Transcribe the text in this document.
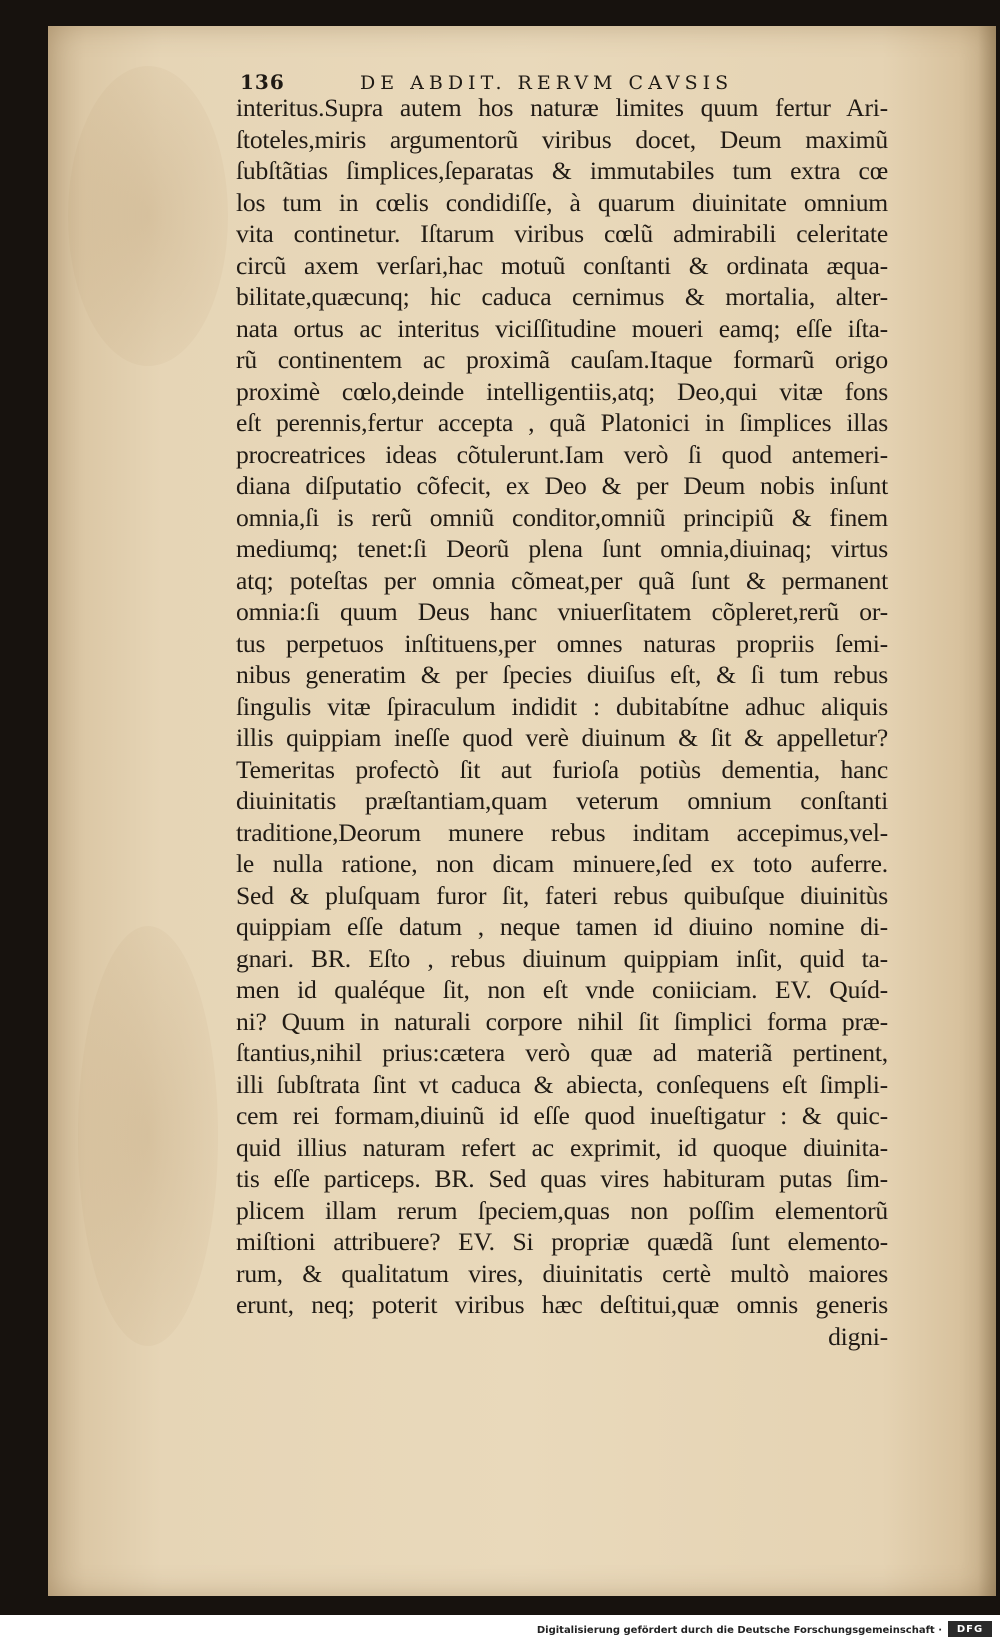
136	DE ABDIT. RERVM CAVSIS
interitus.Supra autem hos naturæ limites quum fertur Ari-
ſtoteles,miris argumentorũ viribus docet, Deum maximũ
ſubſtãtias ſimplices,ſeparatas & immutabiles tum extra cœ
los tum in cœlis condidiſſe, à quarum diuinitate omnium
vita continetur. Iſtarum viribus cœlũ admirabili celeritate
circũ axem verſari,hac motuũ conſtanti & ordinata æqua-
bilitate,quæcunq; hic caduca cernimus & mortalia, alter-
nata ortus ac interitus viciſſitudine moueri eamq; eſſe iſta-
rũ continentem ac proximã cauſam.Itaque formarũ origo
proximè cœlo,deinde intelligentiis,atq; Deo,qui vitæ fons
eſt perennis,fertur accepta , quã Platonici in ſimplices illas
procreatrices ideas cõtulerunt.Iam verò ſi quod antemeri-
diana diſputatio cõfecit, ex Deo & per Deum nobis inſunt
omnia,ſi is rerũ omniũ conditor,omniũ principiũ & finem
mediumq; tenet:ſi Deorũ plena ſunt omnia,diuinaq; virtus
atq; poteſtas per omnia cõmeat,per quã ſunt & permanent
omnia:ſi quum Deus hanc vniuerſitatem cõpleret,rerũ or-
tus perpetuos inſtituens,per omnes naturas propriis ſemi-
nibus generatim & per ſpecies diuiſus eſt, & ſi tum rebus
ſingulis vitæ ſpiraculum indidit : dubitabítne adhuc aliquis
illis quippiam ineſſe quod verè diuinum & ſit & appelletur?
Temeritas profectò ſit aut furioſa potiùs dementia, hanc
diuinitatis præſtantiam,quam veterum omnium conſtanti
traditione,Deorum munere rebus inditam accepimus,vel-
le nulla ratione, non dicam minuere,ſed ex toto auferre.
Sed & pluſquam furor ſit, fateri rebus quibuſque diuinitùs
quippiam eſſe datum , neque tamen id diuino nomine di-
gnari. BR. Eſto , rebus diuinum quippiam inſit, quid ta-
men id qualéque ſit, non eſt vnde coniiciam. EV. Quíd-
ni? Quum in naturali corpore nihil ſit ſimplici forma præ-
ſtantius,nihil prius:cætera verò quæ ad materiã pertinent,
illi ſubſtrata ſint vt caduca & abiecta, conſequens eſt ſimpli-
cem rei formam,diuinũ id eſſe quod inueſtigatur : & quic-
quid illius naturam refert ac exprimit, id quoque diuinita-
tis eſſe particeps. BR. Sed quas vires habituram putas ſim-
plicem illam rerum ſpeciem,quas non poſſim elementorũ
miſtioni attribuere? EV. Si propriæ quædã ſunt elemento-
rum, & qualitatum vires, diuinitatis certè multò maiores
erunt, neq; poterit viribus hæc deſtitui,quæ omnis generis
digni-
Digitalisierung gefördert durch die Deutsche Forschungsgemeinschaft ·	DFG
